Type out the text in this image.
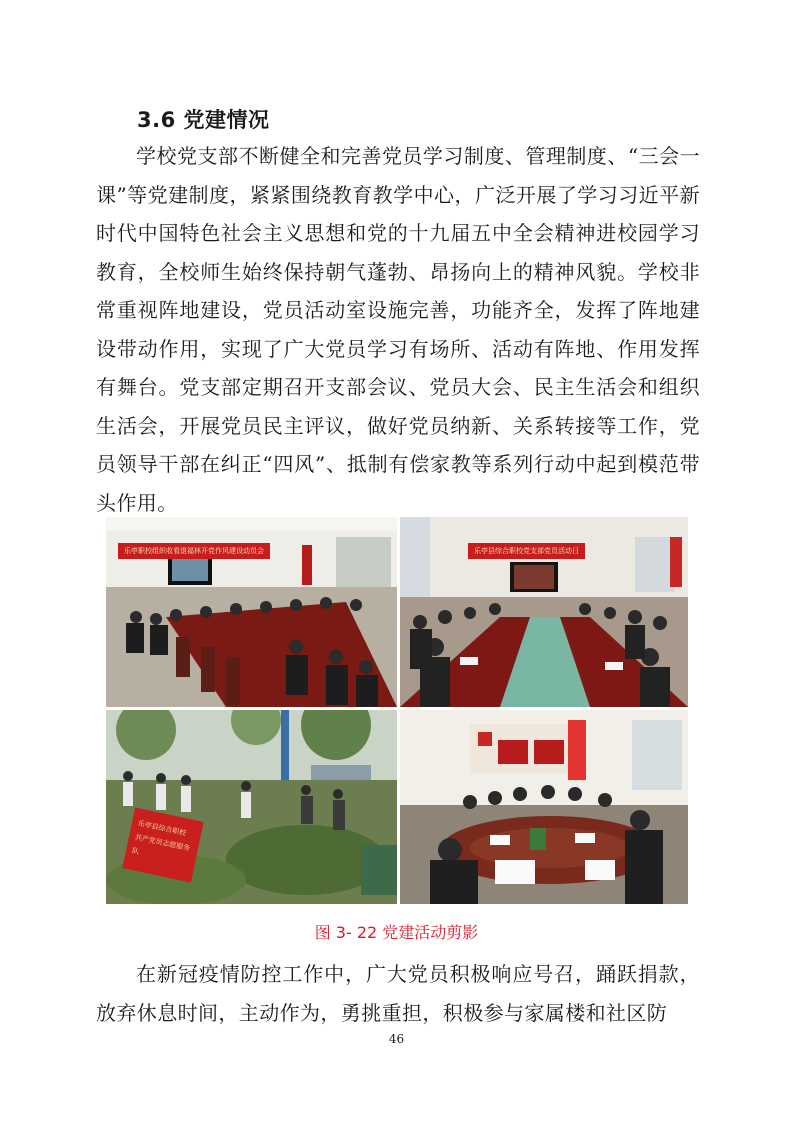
3.6 党建情况
学校党支部不断健全和完善党员学习制度、管理制度、“三会一课”等党建制度，紧紧围绕教育教学中心，广泛开展了学习习近平新时代中国特色社会主义思想和党的十九届五中全会精神进校园学习教育，全校师生始终保持朝气蓬勃、昂扬向上的精神风貌。学校非常重视阵地建设，党员活动室设施完善，功能齐全，发挥了阵地建设带动作用，实现了广大党员学习有场所、活动有阵地、作用发挥有舞台。党支部定期召开支部会议、党员大会、民主生活会和组织生活会，开展党员民主评议，做好党员纳新、关系转接等工作，党员领导干部在纠正“四风”、抵制有偿家教等系列行动中起到模范带头作用。
乐亭职校组织收看退福林开党作风建设动员会	乐亭县综合职校党支部党员活动日
乐亭县综合职校 共产党员志愿服务队
图 3- 22 党建活动剪影
在新冠疫情防控工作中，广大党员积极响应号召，踊跃捐款，放弃休息时间，主动作为，勇挑重担，积极参与家属楼和社区防
46
